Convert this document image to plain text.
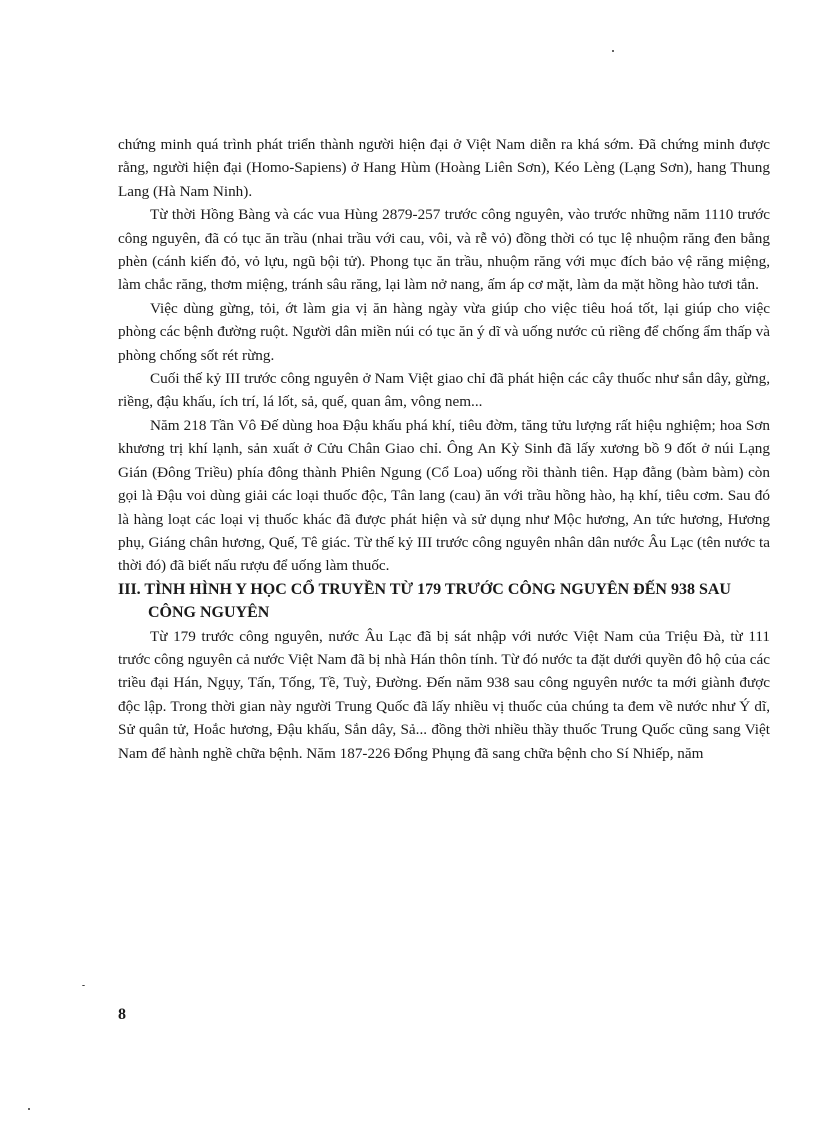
chứng minh quá trình phát triển thành người hiện đại ở Việt Nam diễn ra khá sớm. Đã chứng minh được rằng, người hiện đại (Homo-Sapiens) ở Hang Hùm (Hoàng Liên Sơn), Kéo Lèng (Lạng Sơn), hang Thung Lang (Hà Nam Ninh).

Từ thời Hồng Bàng và các vua Hùng 2879-257 trước công nguyên, vào trước những năm 1110 trước công nguyên, đã có tục ăn trầu (nhai trầu với cau, vôi, và rễ vỏ) đồng thời có tục lệ nhuộm răng đen bằng phèn (cánh kiến đỏ, vỏ lựu, ngũ bội tử). Phong tục ăn trầu, nhuộm răng với mục đích bảo vệ răng miệng, làm chắc răng, thơm miệng, tránh sâu răng, lại làm nở nang, ấm áp cơ mặt, làm da mặt hồng hào tươi tắn.

Việc dùng gừng, tỏi, ớt làm gia vị ăn hàng ngày vừa giúp cho việc tiêu hoá tốt, lại giúp cho việc phòng các bệnh đường ruột. Người dân miền núi có tục ăn ý dĩ và uống nước củ riềng để chống ẩm thấp và phòng chống sốt rét rừng.

Cuối thế kỷ III trước công nguyên ở Nam Việt giao chỉ đã phát hiện các cây thuốc như sắn dây, gừng, riềng, đậu khấu, ích trí, lá lốt, sả, quế, quan âm, vông nem...

Năm 218 Tần Vô Đế dùng hoa Đậu khấu phá khí, tiêu đờm, tăng tửu lượng rất hiệu nghiệm; hoa Sơn khương trị khí lạnh, sản xuất ở Cửu Chân Giao chỉ. Ông An Kỳ Sinh đã lấy xương bồ 9 đốt ở núi Lạng Gián (Đông Triều) phía đông thành Phiên Ngung (Cổ Loa) uống rồi thành tiên. Hạp đằng (bàm bàm) còn gọi là Đậu voi dùng giải các loại thuốc độc, Tân lang (cau) ăn với trầu hồng hào, hạ khí, tiêu cơm. Sau đó là hàng loạt các loại vị thuốc khác đã được phát hiện và sử dụng như Mộc hương, An tức hương, Hương phụ, Giáng chân hương, Quế, Tê giác. Từ thế kỷ III trước công nguyên nhân dân nước Âu Lạc (tên nước ta thời đó) đã biết nấu rượu để uống làm thuốc.

III. TÌNH HÌNH Y HỌC CỔ TRUYỀN TỪ 179 TRƯỚC CÔNG NGUYÊN ĐẾN 938 SAU CÔNG NGUYÊN

Từ 179 trước công nguyên, nước Âu Lạc đã bị sát nhập với nước Việt Nam của Triệu Đà, từ 111 trước công nguyên cả nước Việt Nam đã bị nhà Hán thôn tính. Từ đó nước ta đặt dưới quyền đô hộ của các triều đại Hán, Ngụy, Tấn, Tống, Tề, Tuỳ, Đường. Đến năm 938 sau công nguyên nước ta mới giành được độc lập. Trong thời gian này người Trung Quốc đã lấy nhiều vị thuốc của chúng ta đem về nước như Ý dĩ, Sử quân tử, Hoắc hương, Đậu khấu, Sắn dây, Sả... đồng thời nhiều thầy thuốc Trung Quốc cũng sang Việt Nam để hành nghề chữa bệnh. Năm 187-226 Đổng Phụng đã sang chữa bệnh cho Sí Nhiếp, năm

8
